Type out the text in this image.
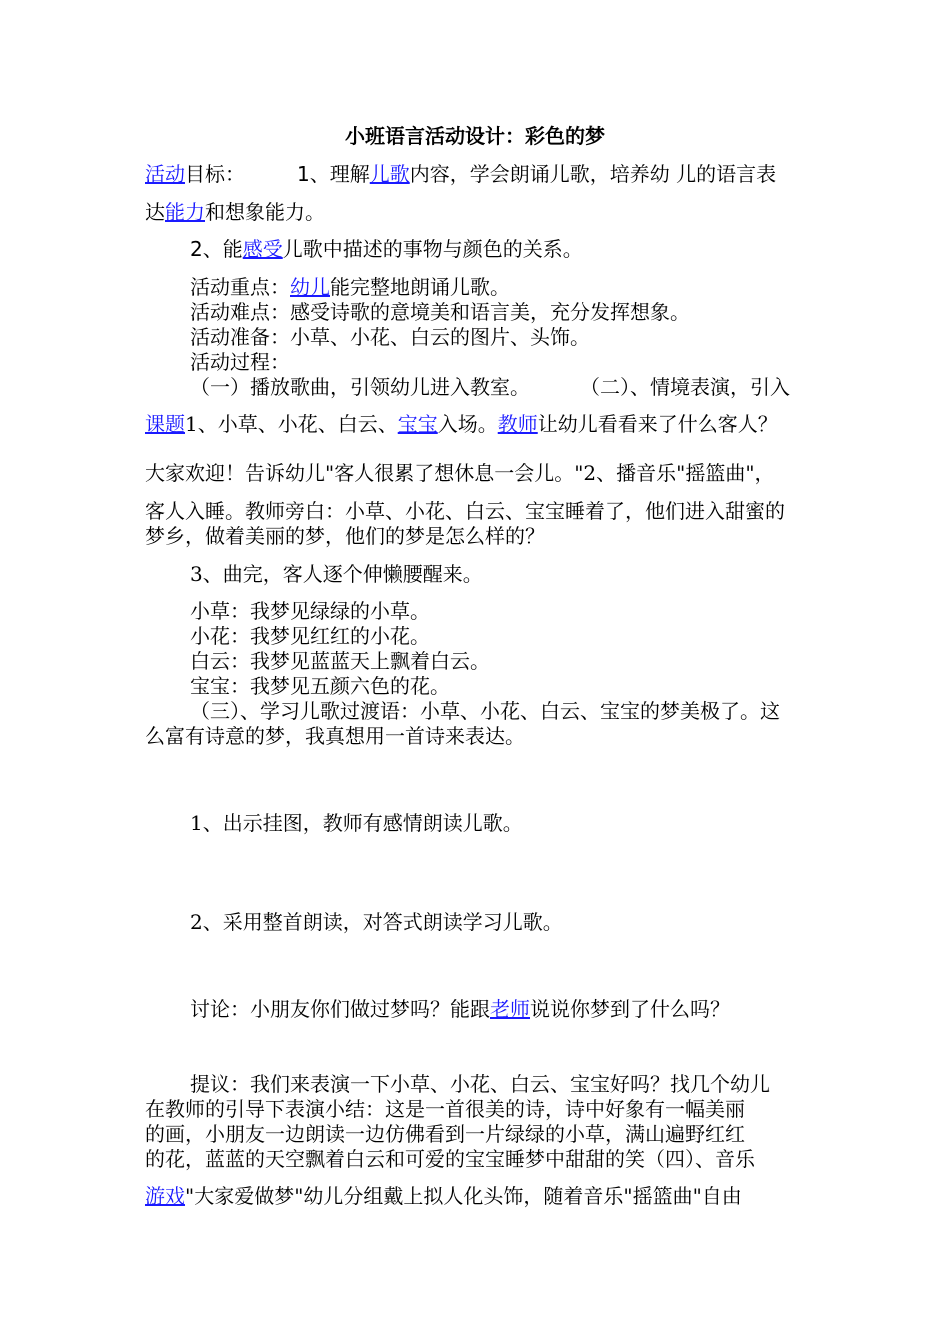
小班语言活动设计：彩色的梦
活动目标：	1、理解儿歌内容，学会朗诵儿歌，培养幼 儿的语言表
达能力和想象能力。
2、能感受儿歌中描述的事物与颜色的关系。
活动重点：幼儿能完整地朗诵儿歌。
活动难点：感受诗歌的意境美和语言美，充分发挥想象。
活动准备：小草、小花、白云的图片、头饰。
活动过程：
（一）播放歌曲，引领幼儿进入教室。	（二）、情境表演，引入
课题1、小草、小花、白云、宝宝入场。教师让幼儿看看来了什么客人？
大家欢迎！告诉幼儿"客人很累了想休息一会儿。"2、播音乐"摇篮曲"，
客人入睡。教师旁白：小草、小花、白云、宝宝睡着了，他们进入甜蜜的
梦乡，做着美丽的梦，他们的梦是怎么样的？
3、曲完，客人逐个伸懒腰醒来。
小草：我梦见绿绿的小草。
小花：我梦见红红的小花。
白云：我梦见蓝蓝天上飘着白云。
宝宝：我梦见五颜六色的花。
（三）、学习儿歌过渡语：小草、小花、白云、宝宝的梦美极了。这
么富有诗意的梦，我真想用一首诗来表达。
1、出示挂图，教师有感情朗读儿歌。
2、采用整首朗读，对答式朗读学习儿歌。
讨论：小朋友你们做过梦吗？能跟老师说说你梦到了什么吗？
提议：我们来表演一下小草、小花、白云、宝宝好吗？找几个幼儿
在教师的引导下表演小结：这是一首很美的诗，诗中好象有一幅美丽
的画，小朋友一边朗读一边仿佛看到一片绿绿的小草，满山遍野红红
的花，蓝蓝的天空飘着白云和可爱的宝宝睡梦中甜甜的笑（四）、音乐
游戏"大家爱做梦"幼儿分组戴上拟人化头饰，随着音乐"摇篮曲"自由
